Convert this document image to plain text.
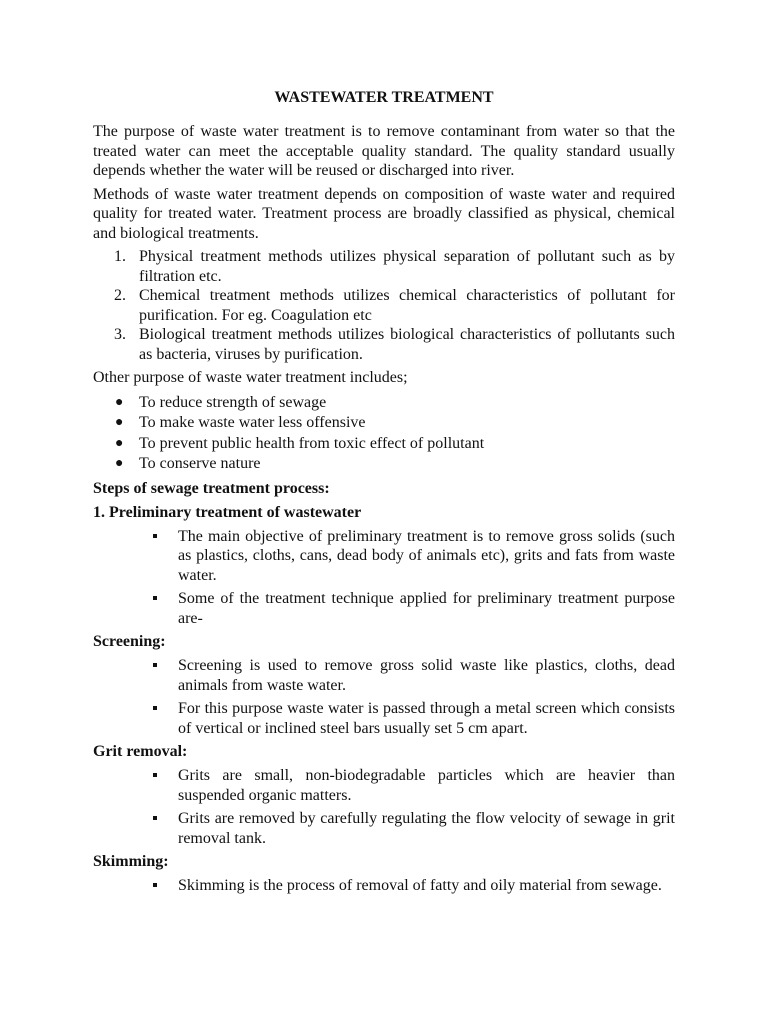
WASTEWATER TREATMENT

The purpose of waste water treatment is to remove contaminant from water so that the treated water can meet the acceptable quality standard. The quality standard usually depends whether the water will be reused or discharged into river.

Methods of waste water treatment depends on composition of waste water and required quality for treated water. Treatment process are broadly classified as physical, chemical and biological treatments.

1. Physical treatment methods utilizes physical separation of pollutant such as by filtration etc.
2. Chemical treatment methods utilizes chemical characteristics of pollutant for purification. For eg. Coagulation etc
3. Biological treatment methods utilizes biological characteristics of pollutants such as bacteria, viruses by purification.

Other purpose of waste water treatment includes;

● To reduce strength of sewage
● To make waste water less offensive
● To prevent public health from toxic effect of pollutant
● To conserve nature
Steps of sewage treatment process:
1. Preliminary treatment of wastewater
The main objective of preliminary treatment is to remove gross solids (such as plastics, cloths, cans, dead body of animals etc), grits and fats from waste water.
Some of the treatment technique applied for preliminary treatment purpose are-
Screening:
Screening is used to remove gross solid waste like plastics, cloths, dead animals from waste water.
For this purpose waste water is passed through a metal screen which consists of vertical or inclined steel bars usually set 5 cm apart.
Grit removal:
Grits are small, non-biodegradable particles which are heavier than suspended organic matters.
Grits are removed by carefully regulating the flow velocity of sewage in grit removal tank.
Skimming:
Skimming is the process of removal of fatty and oily material from sewage.
